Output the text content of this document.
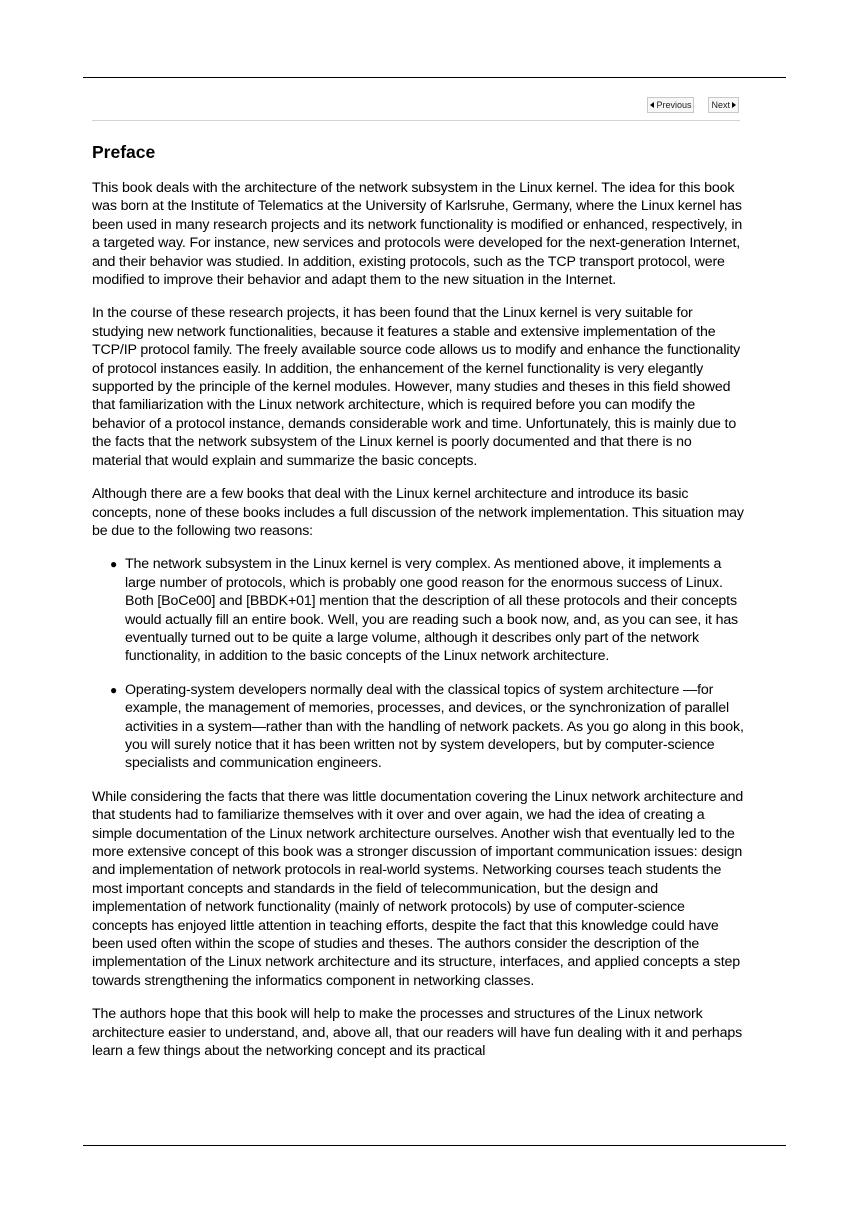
Previous Next
Preface

This book deals with the architecture of the network subsystem in the Linux kernel. The idea for this book was born at the Institute of Telematics at the University of Karlsruhe, Germany, where the Linux kernel has been used in many research projects and its network functionality is modified or enhanced, respectively, in a targeted way. For instance, new services and protocols were developed for the next-generation Internet, and their behavior was studied. In addition, existing protocols, such as the TCP transport protocol, were modified to improve their behavior and adapt them to the new situation in the Internet.

In the course of these research projects, it has been found that the Linux kernel is very suitable for studying new network functionalities, because it features a stable and extensive implementation of the TCP/IP protocol family. The freely available source code allows us to modify and enhance the functionality of protocol instances easily. In addition, the enhancement of the kernel functionality is very elegantly supported by the principle of the kernel modules. However, many studies and theses in this field showed that familiarization with the Linux network architecture, which is required before you can modify the behavior of a protocol instance, demands considerable work and time. Unfortunately, this is mainly due to the facts that the network subsystem of the Linux kernel is poorly documented and that there is no material that would explain and summarize the basic concepts.

Although there are a few books that deal with the Linux kernel architecture and introduce its basic concepts, none of these books includes a full discussion of the network implementation. This situation may be due to the following two reasons:

● The network subsystem in the Linux kernel is very complex. As mentioned above, it implements a large number of protocols, which is probably one good reason for the enormous success of Linux. Both [BoCe00] and [BBDK+01] mention that the description of all these protocols and their concepts would actually fill an entire book. Well, you are reading such a book now, and, as you can see, it has eventually turned out to be quite a large volume, although it describes only part of the network functionality, in addition to the basic concepts of the Linux network architecture.
● Operating-system developers normally deal with the classical topics of system architecture —for example, the management of memories, processes, and devices, or the synchronization of parallel activities in a system—rather than with the handling of network packets. As you go along in this book, you will surely notice that it has been written not by system developers, but by computer-science specialists and communication engineers.

While considering the facts that there was little documentation covering the Linux network architecture and that students had to familiarize themselves with it over and over again, we had the idea of creating a simple documentation of the Linux network architecture ourselves. Another wish that eventually led to the more extensive concept of this book was a stronger discussion of important communication issues: design and implementation of network protocols in real-world systems. Networking courses teach students the most important concepts and standards in the field of telecommunication, but the design and implementation of network functionality (mainly of network protocols) by use of computer-science concepts has enjoyed little attention in teaching efforts, despite the fact that this knowledge could have been used often within the scope of studies and theses. The authors consider the description of the implementation of the Linux network architecture and its structure, interfaces, and applied concepts a step towards strengthening the informatics component in networking classes.

The authors hope that this book will help to make the processes and structures of the Linux network architecture easier to understand, and, above all, that our readers will have fun dealing with it and perhaps learn a few things about the networking concept and its practical
